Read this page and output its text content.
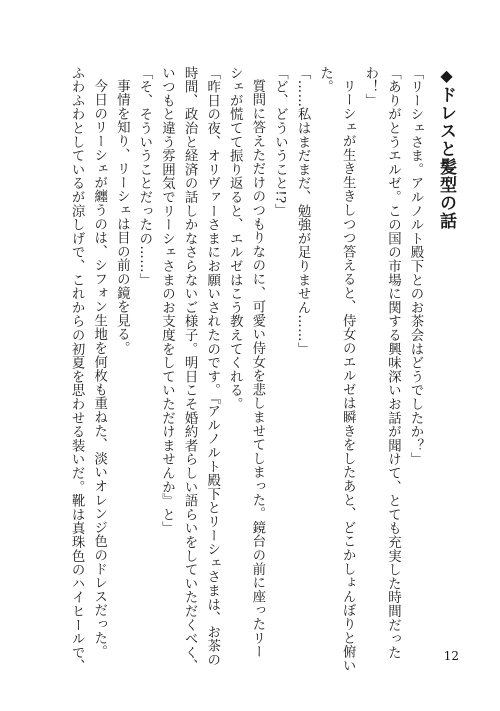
◆ドレスと髪型の話
「リーシェさま。アルノルト殿下とのお茶会はどうでしたか？」
「ありがとうエルゼ。この国の市場に関する興味深いお話が聞けて、とても充実した時間だった
わ！」
リーシェが生き生きしつつ答えると、侍女のエルゼは瞬きをしたあと、どこかしょんぼりと俯い
た。
「……私はまだまだ、勉強が足りません……」
「ど、どういうこと!?」
質問に答えただけのつもりなのに、可愛い侍女を悲しませてしまった。鏡台の前に座ったリー
シェが慌てて振り返ると、エルゼはこう教えてくれる。
「昨日の夜、オリヴァーさまにお願いされたのです。『アルノルト殿下とリーシェさまは、お茶の
時間、政治と経済の話しかなさらないご様子。明日こそ婚約者らしい語らいをしていただくべく、
いつもと違う雰囲気でリーシェさまのお支度をしていただけませんか』と」
「そ、そういうことだったの……」
事情を知り、リーシェは目の前の鏡を見る。
今日のリーシェが纏うのは、シフォン生地を何枚も重ねた、淡いオレンジ色のドレスだった。
ふわふわとしているが涼しげで、これからの初夏を思わせる装いだ。靴は真珠色のハイヒールで、	12
